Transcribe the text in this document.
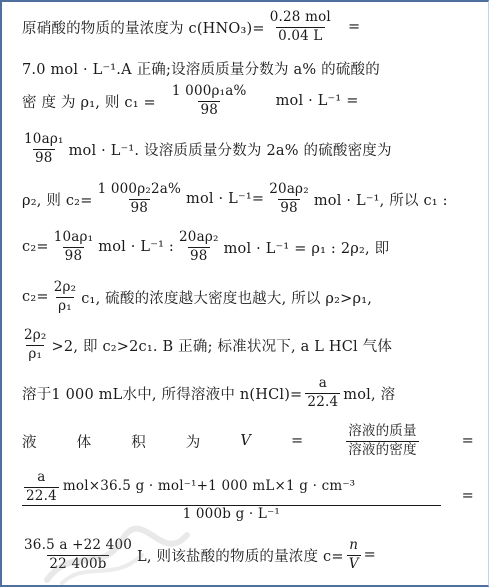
原硝酸的物质的量浓度为 $c(HNO_3)= \frac{\text{0.28 mol}}{0.04 L}$ =
7.0 mol · L⁻¹.A 正确;设溶质质量分数为 a% 的硫酸的
密 度 为 ρ₁, 则 $c_1 = \frac{\text{1 000ρ₁a\%}}{98}$ mol · L⁻¹ =
$\frac{\text{10aρ₁}}{98}$ mol · L⁻¹. 设溶质质量分数为 2a% 的硫酸密度为
ρ₂, 则 $c_2= \frac{\text{1 000ρ₂2a\%}}{98}$ mol · $L^{-1}= \frac{\text{20aρ₂}}{98}$ mol · L⁻¹, 所以 c₁ :
$c_2= \frac{\text{10aρ₁}}{98}$ mol · L⁻¹ : $\frac{\text{20aρ₂}}{98}$ mol · L⁻¹ = ρ₁ : 2ρ₂, 即
$c_2= \frac{\text{2ρ₂}}{\text{ρ₁}} c_1$, 硫酸的浓度越大密度也越大, 所以 ρ₂>ρ₁,
$\frac{\text{2ρ₂}}{\text{ρ₁}} >2$, 即 c₂>2c₁. B 正确; 标准状况下, a L HCl 气体
溶于1 000 mL水中, 所得溶液中 $n(HCl)= \frac{a}{22.4}$ mol, 溶
液	体	积	为	V	=	$\frac{\text{溶液的质量}}{\text{溶液的密度}}$	=
$\frac{a}{22.4} mol\times 36.5$ g · mol⁻¹+1 000 mL×1 g · cm⁻³
1 000b g · L⁻¹
=
$\frac{36.5 a +22 400}{22 400b} L$, 则该盐酸的物质的量浓度 $c= \frac{n}{V}$ =
